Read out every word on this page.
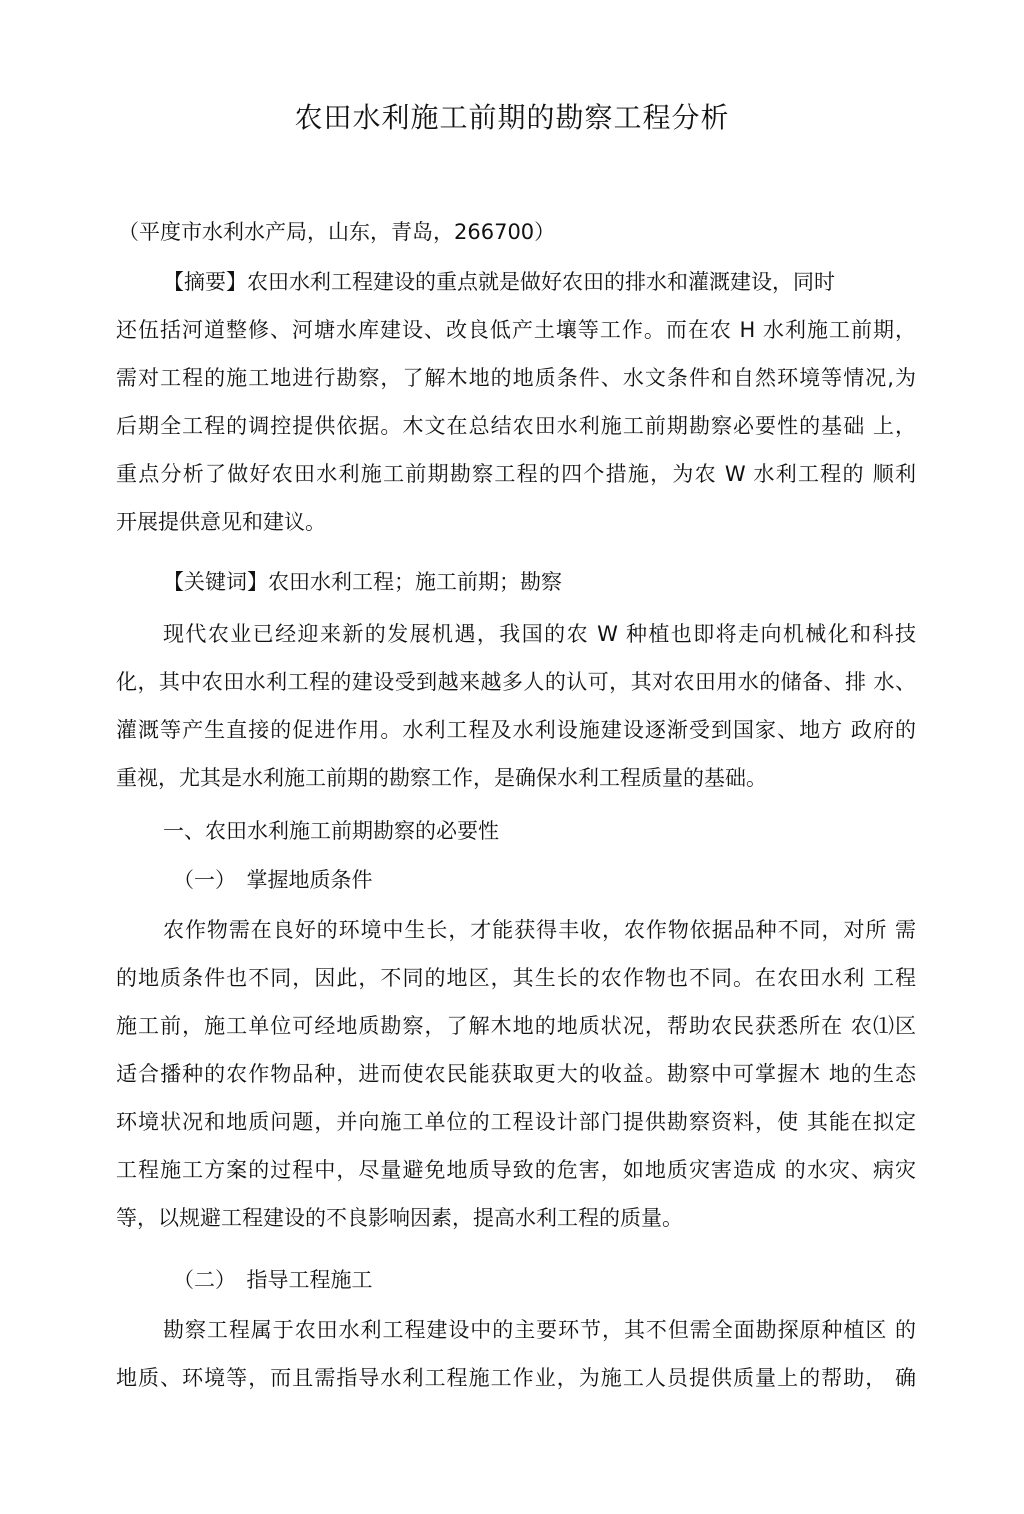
农田水利施工前期的勘察工程分析
（平度市水利水产局，山东，青岛，266700）
【摘要】农田水利工程建设的重点就是做好农田的排水和灌溉建设，同时
还伍括河道整修、河塘水库建设、改良低产土壤等工作。而在农 H 水利施工前期，
需对工程的施工地进行勘察，了解木地的地质条件、水文条件和自然环境等情况,为
后期全工程的调控提供依据。木文在总结农田水利施工前期勘察必要性的基础 上，
重点分析了做好农田水利施工前期勘察工程的四个措施，为农 W 水利工程的 顺利
开展提供意见和建议。
【关键词】农田水利工程；施工前期；勘察
现代农业已经迎来新的发展机遇，我国的农 W 种植也即将走向机械化和科技
化，其中农田水利工程的建设受到越来越多人的认可，其对农田用水的储备、排 水、
灌溉等产生直接的促进作用。水利工程及水利设施建设逐渐受到国家、地方 政府的
重视，尤其是水利施工前期的勘察工作，是确保水利工程质量的基础。
一、农田水利施工前期勘察的必要性
（一）　掌握地质条件
农作物需在良好的环境中生长，才能获得丰收，农作物依据品种不同，对所 需
的地质条件也不同，因此，不同的地区，其生长的农作物也不同。在农田水利 工程
施工前，施工单位可经地质勘察，了解木地的地质状况，帮助农民获悉所在 农⑴区
适合播种的农作物品种，进而使农民能获取更大的收益。勘察中可掌握木 地的生态
环境状况和地质问题，并向施工单位的工程设计部门提供勘察资料，使 其能在拟定
工程施工方案的过程中，尽量避免地质导致的危害，如地质灾害造成 的水灾、病灾
等，以规避工程建设的不良影响因素，提高水利工程的质量。
（二）　指导工程施工
勘察工程属于农田水利工程建设中的主要环节，其不但需全面勘探原种植区 的
地质、环境等，而且需指导水利工程施工作业，为施工人员提供质量上的帮助， 确
